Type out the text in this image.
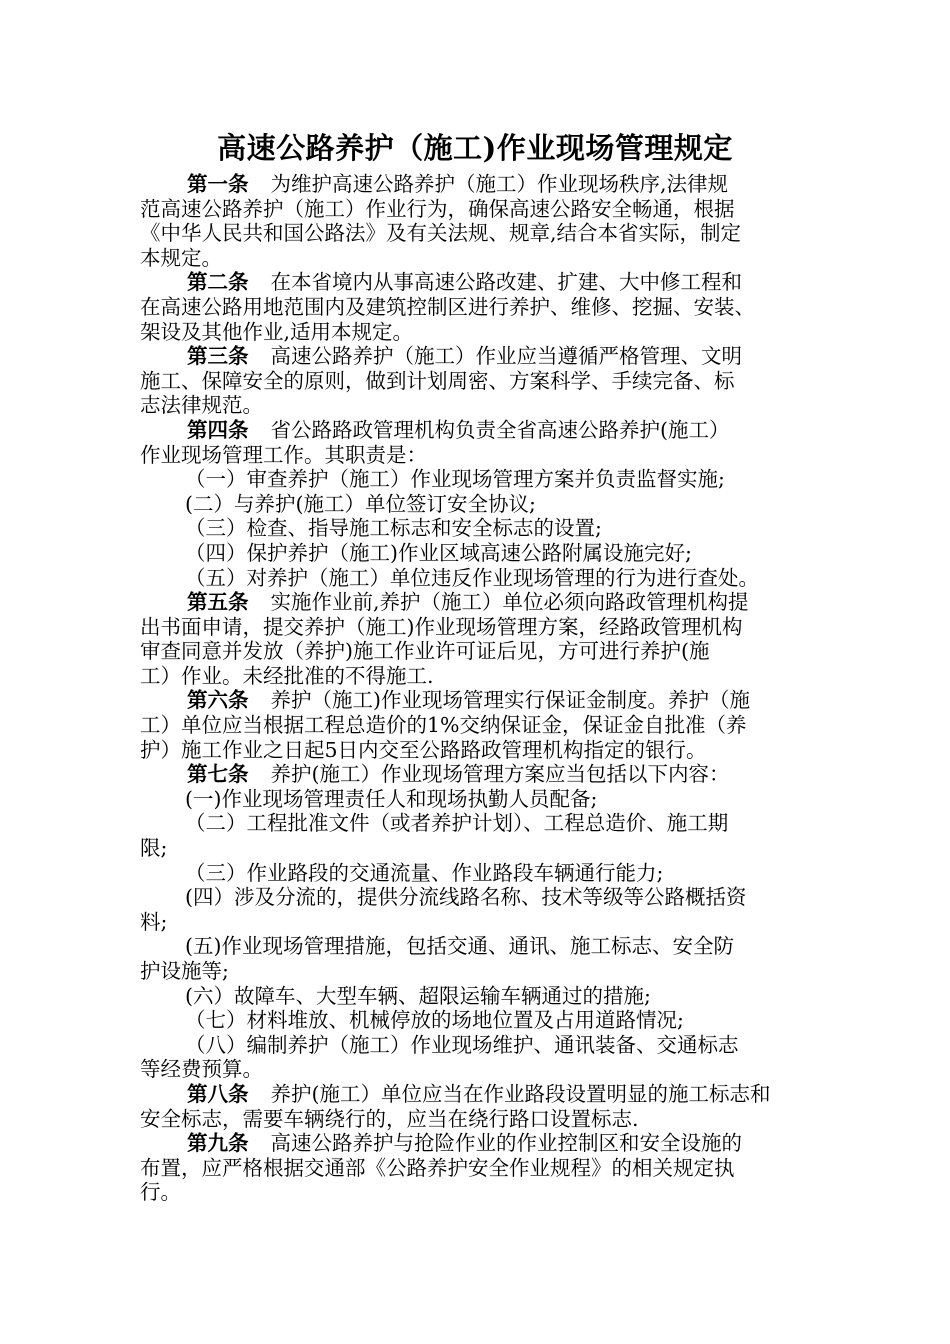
高速公路养护（施工)作业现场管理规定
第一条 为维护高速公路养护（施工）作业现场秩序,法律规
范高速公路养护（施工）作业行为，确保高速公路安全畅通，根据
《中华人民共和国公路法》及有关法规、规章,结合本省实际，制定
本规定。
第二条 在本省境内从事高速公路改建、扩建、大中修工程和
在高速公路用地范围内及建筑控制区进行养护、维修、挖掘、安装、
架设及其他作业,适用本规定。
第三条 高速公路养护（施工）作业应当遵循严格管理、文明
施工、保障安全的原则，做到计划周密、方案科学、手续完备、标
志法律规范。
第四条 省公路路政管理机构负责全省高速公路养护(施工）
作业现场管理工作。其职责是：
（一）审查养护（施工）作业现场管理方案并负责监督实施;
(二）与养护(施工）单位签订安全协议;
（三）检查、指导施工标志和安全标志的设置;
（四）保护养护（施工)作业区域高速公路附属设施完好;
（五）对养护（施工）单位违反作业现场管理的行为进行查处。
第五条 实施作业前,养护（施工）单位必须向路政管理机构提
出书面申请，提交养护（施工)作业现场管理方案，经路政管理机构
审查同意并发放（养护)施工作业许可证后见，方可进行养护(施
工）作业。未经批准的不得施工.
第六条 养护（施工)作业现场管理实行保证金制度。养护（施
工）单位应当根据工程总造价的1%交纳保证金，保证金自批准（养
护）施工作业之日起5日内交至公路路政管理机构指定的银行。
第七条 养护(施工）作业现场管理方案应当包括以下内容：
(一)作业现场管理责任人和现场执勤人员配备;
（二）工程批准文件（或者养护计划）、工程总造价、施工期
限;
（三）作业路段的交通流量、作业路段车辆通行能力;
(四）涉及分流的，提供分流线路名称、技术等级等公路概括资
料;
(五)作业现场管理措施，包括交通、通讯、施工标志、安全防
护设施等;
(六）故障车、大型车辆、超限运输车辆通过的措施;
（七）材料堆放、机械停放的场地位置及占用道路情况;
（八）编制养护（施工）作业现场维护、通讯装备、交通标志
等经费预算。
第八条 养护(施工）单位应当在作业路段设置明显的施工标志和
安全标志，需要车辆绕行的，应当在绕行路口设置标志.
第九条 高速公路养护与抢险作业的作业控制区和安全设施的
布置，应严格根据交通部《公路养护安全作业规程》的相关规定执
行。
